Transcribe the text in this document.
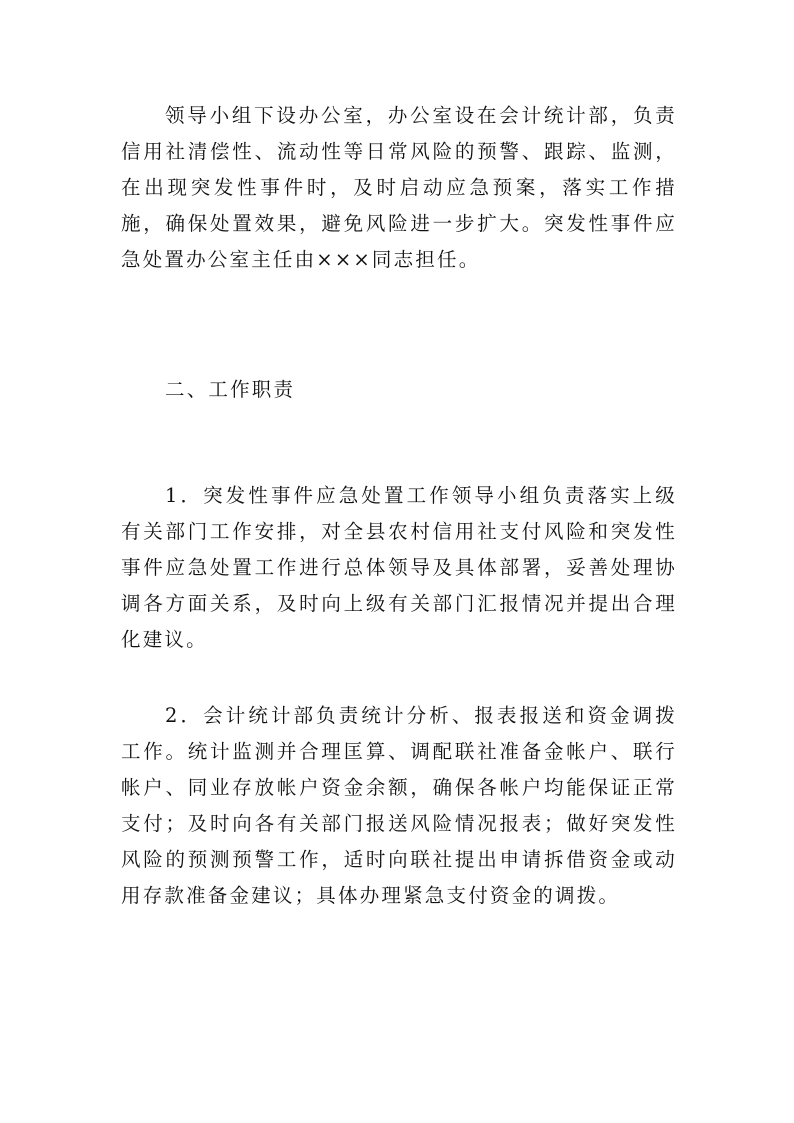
领导小组下设办公室，办公室设在会计统计部，负责信用社清偿性、流动性等日常风险的预警、跟踪、监测，在出现突发性事件时，及时启动应急预案，落实工作措施，确保处置效果，避免风险进一步扩大。突发性事件应急处置办公室主任由×××同志担任。

二、工作职责

1．突发性事件应急处置工作领导小组负责落实上级有关部门工作安排，对全县农村信用社支付风险和突发性事件应急处置工作进行总体领导及具体部署，妥善处理协调各方面关系，及时向上级有关部门汇报情况并提出合理化建议。

2．会计统计部负责统计分析、报表报送和资金调拨工作。统计监测并合理匡算、调配联社准备金帐户、联行帐户、同业存放帐户资金余额，确保各帐户均能保证正常支付；及时向各有关部门报送风险情况报表；做好突发性风险的预测预警工作，适时向联社提出申请拆借资金或动用存款准备金建议；具体办理紧急支付资金的调拨。
